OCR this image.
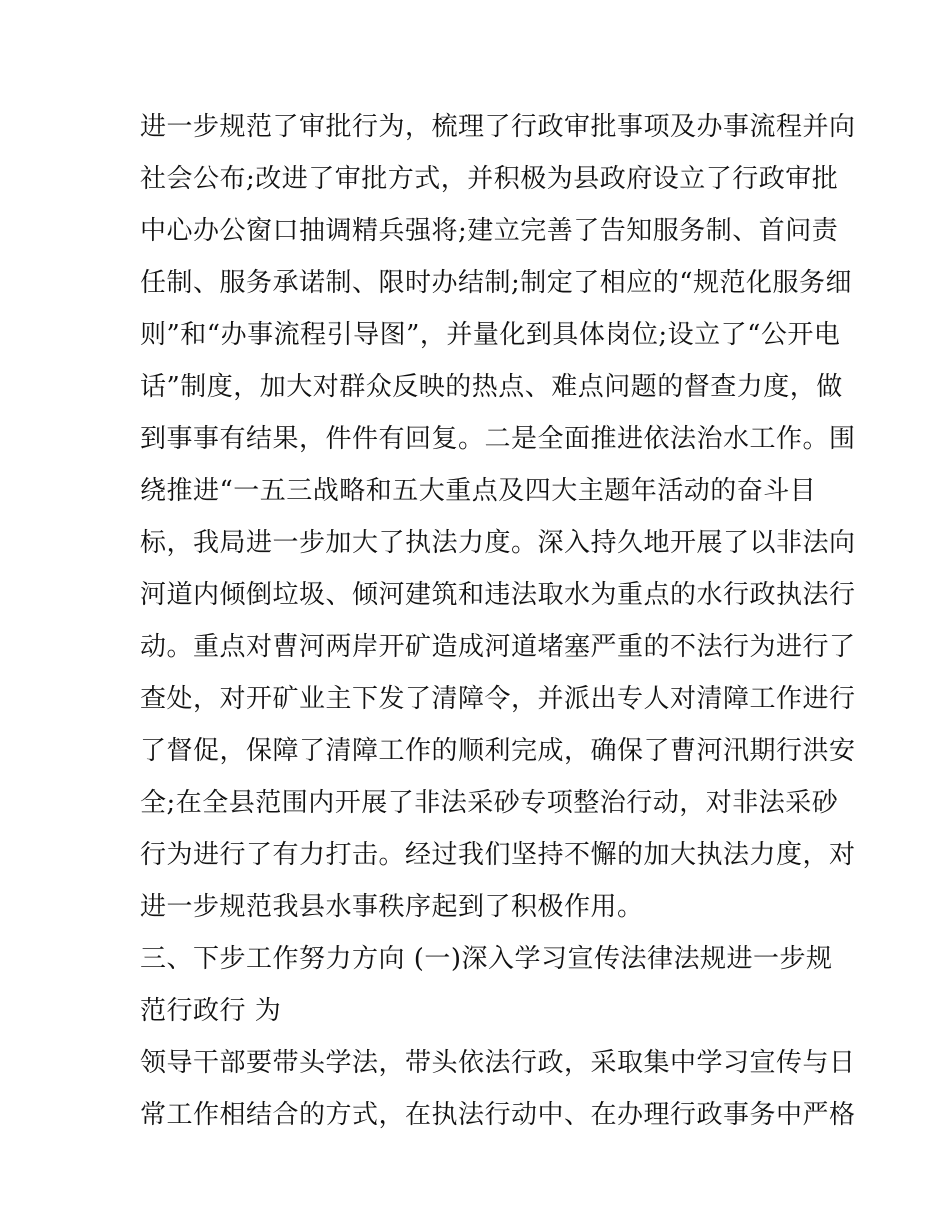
进一步规范了审批行为，梳理了行政审批事项及办事流程并向
社会公布;改进了审批方式，并积极为县政府设立了行政审批
中心办公窗口抽调精兵强将;建立完善了告知服务制、首问责
任制、服务承诺制、限时办结制;制定了相应的“规范化服务细
则”和“办事流程引导图”，并量化到具体岗位;设立了“公开电
话”制度，加大对群众反映的热点、难点问题的督查力度，做
到事事有结果，件件有回复。二是全面推进依法治水工作。围
绕推进“一五三战略和五大重点及四大主题年活动的奋斗目
标，我局进一步加大了执法力度。深入持久地开展了以非法向
河道内倾倒垃圾、倾河建筑和违法取水为重点的水行政执法行
动。重点对曹河两岸开矿造成河道堵塞严重的不法行为进行了
查处，对开矿业主下发了清障令，并派出专人对清障工作进行
了督促，保障了清障工作的顺利完成，确保了曹河汛期行洪安
全;在全县范围内开展了非法采砂专项整治行动，对非法采砂
行为进行了有力打击。经过我们坚持不懈的加大执法力度，对
进一步规范我县水事秩序起到了积极作用。
三、下步工作努力方向 (一)深入学习宣传法律法规进一步规
范行政行 为
领导干部要带头学法，带头依法行政，采取集中学习宣传与日
常工作相结合的方式，在执法行动中、在办理行政事务中严格
